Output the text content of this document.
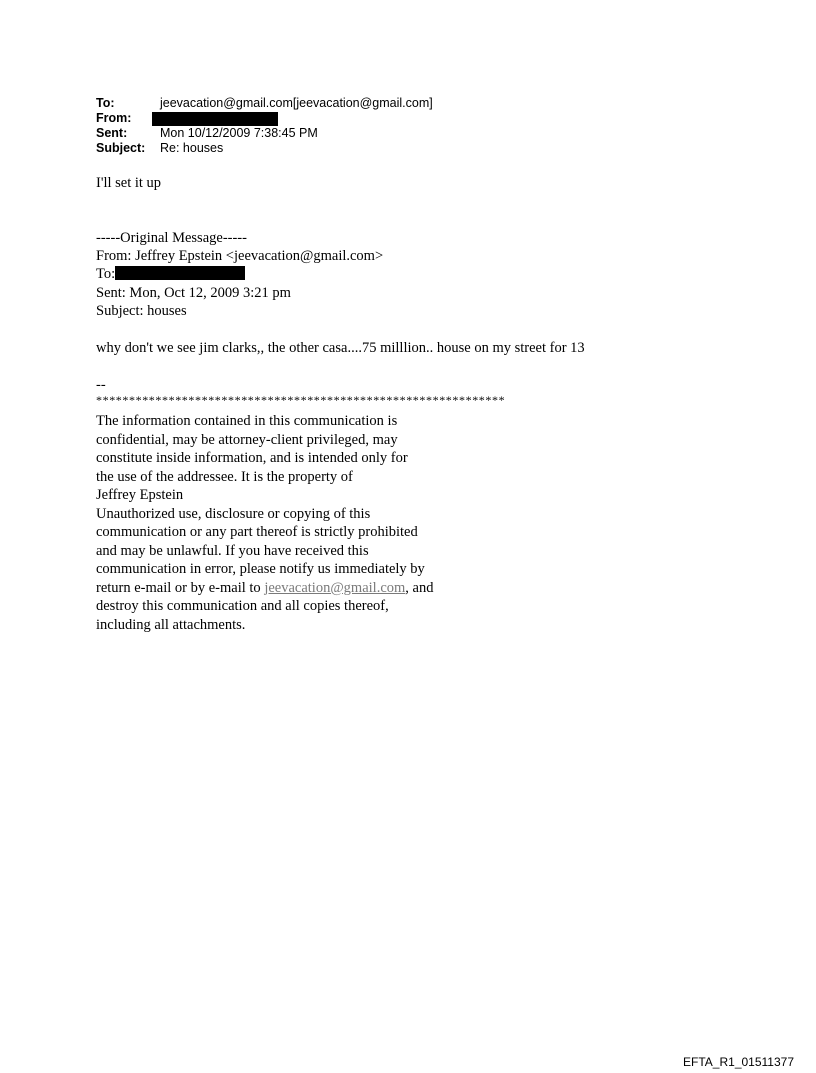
To:	jeevacation@gmail.com[jeevacation@gmail.com]
From:
Sent:	Mon 10/12/2009 7:38:45 PM
Subject:	Re: houses
I'll set it up
-----Original Message-----
From: Jeffrey Epstein <jeevacation@gmail.com>
To:
Sent: Mon, Oct 12, 2009 3:21 pm
Subject: houses
why don't we see jim clarks,, the other casa....75 milllion.. house on my street for 13
--
**************************************************************
The information contained in this communication is
confidential, may be attorney-client privileged, may
constitute inside information, and is intended only for
the use of the addressee. It is the property of
Jeffrey Epstein
Unauthorized use, disclosure or copying of this
communication or any part thereof is strictly prohibited
and may be unlawful. If you have received this
communication in error, please notify us immediately by
return e-mail or by e-mail to jeevacation@gmail.com, and
destroy this communication and all copies thereof,
including all attachments.
EFTA_R1_01511377
